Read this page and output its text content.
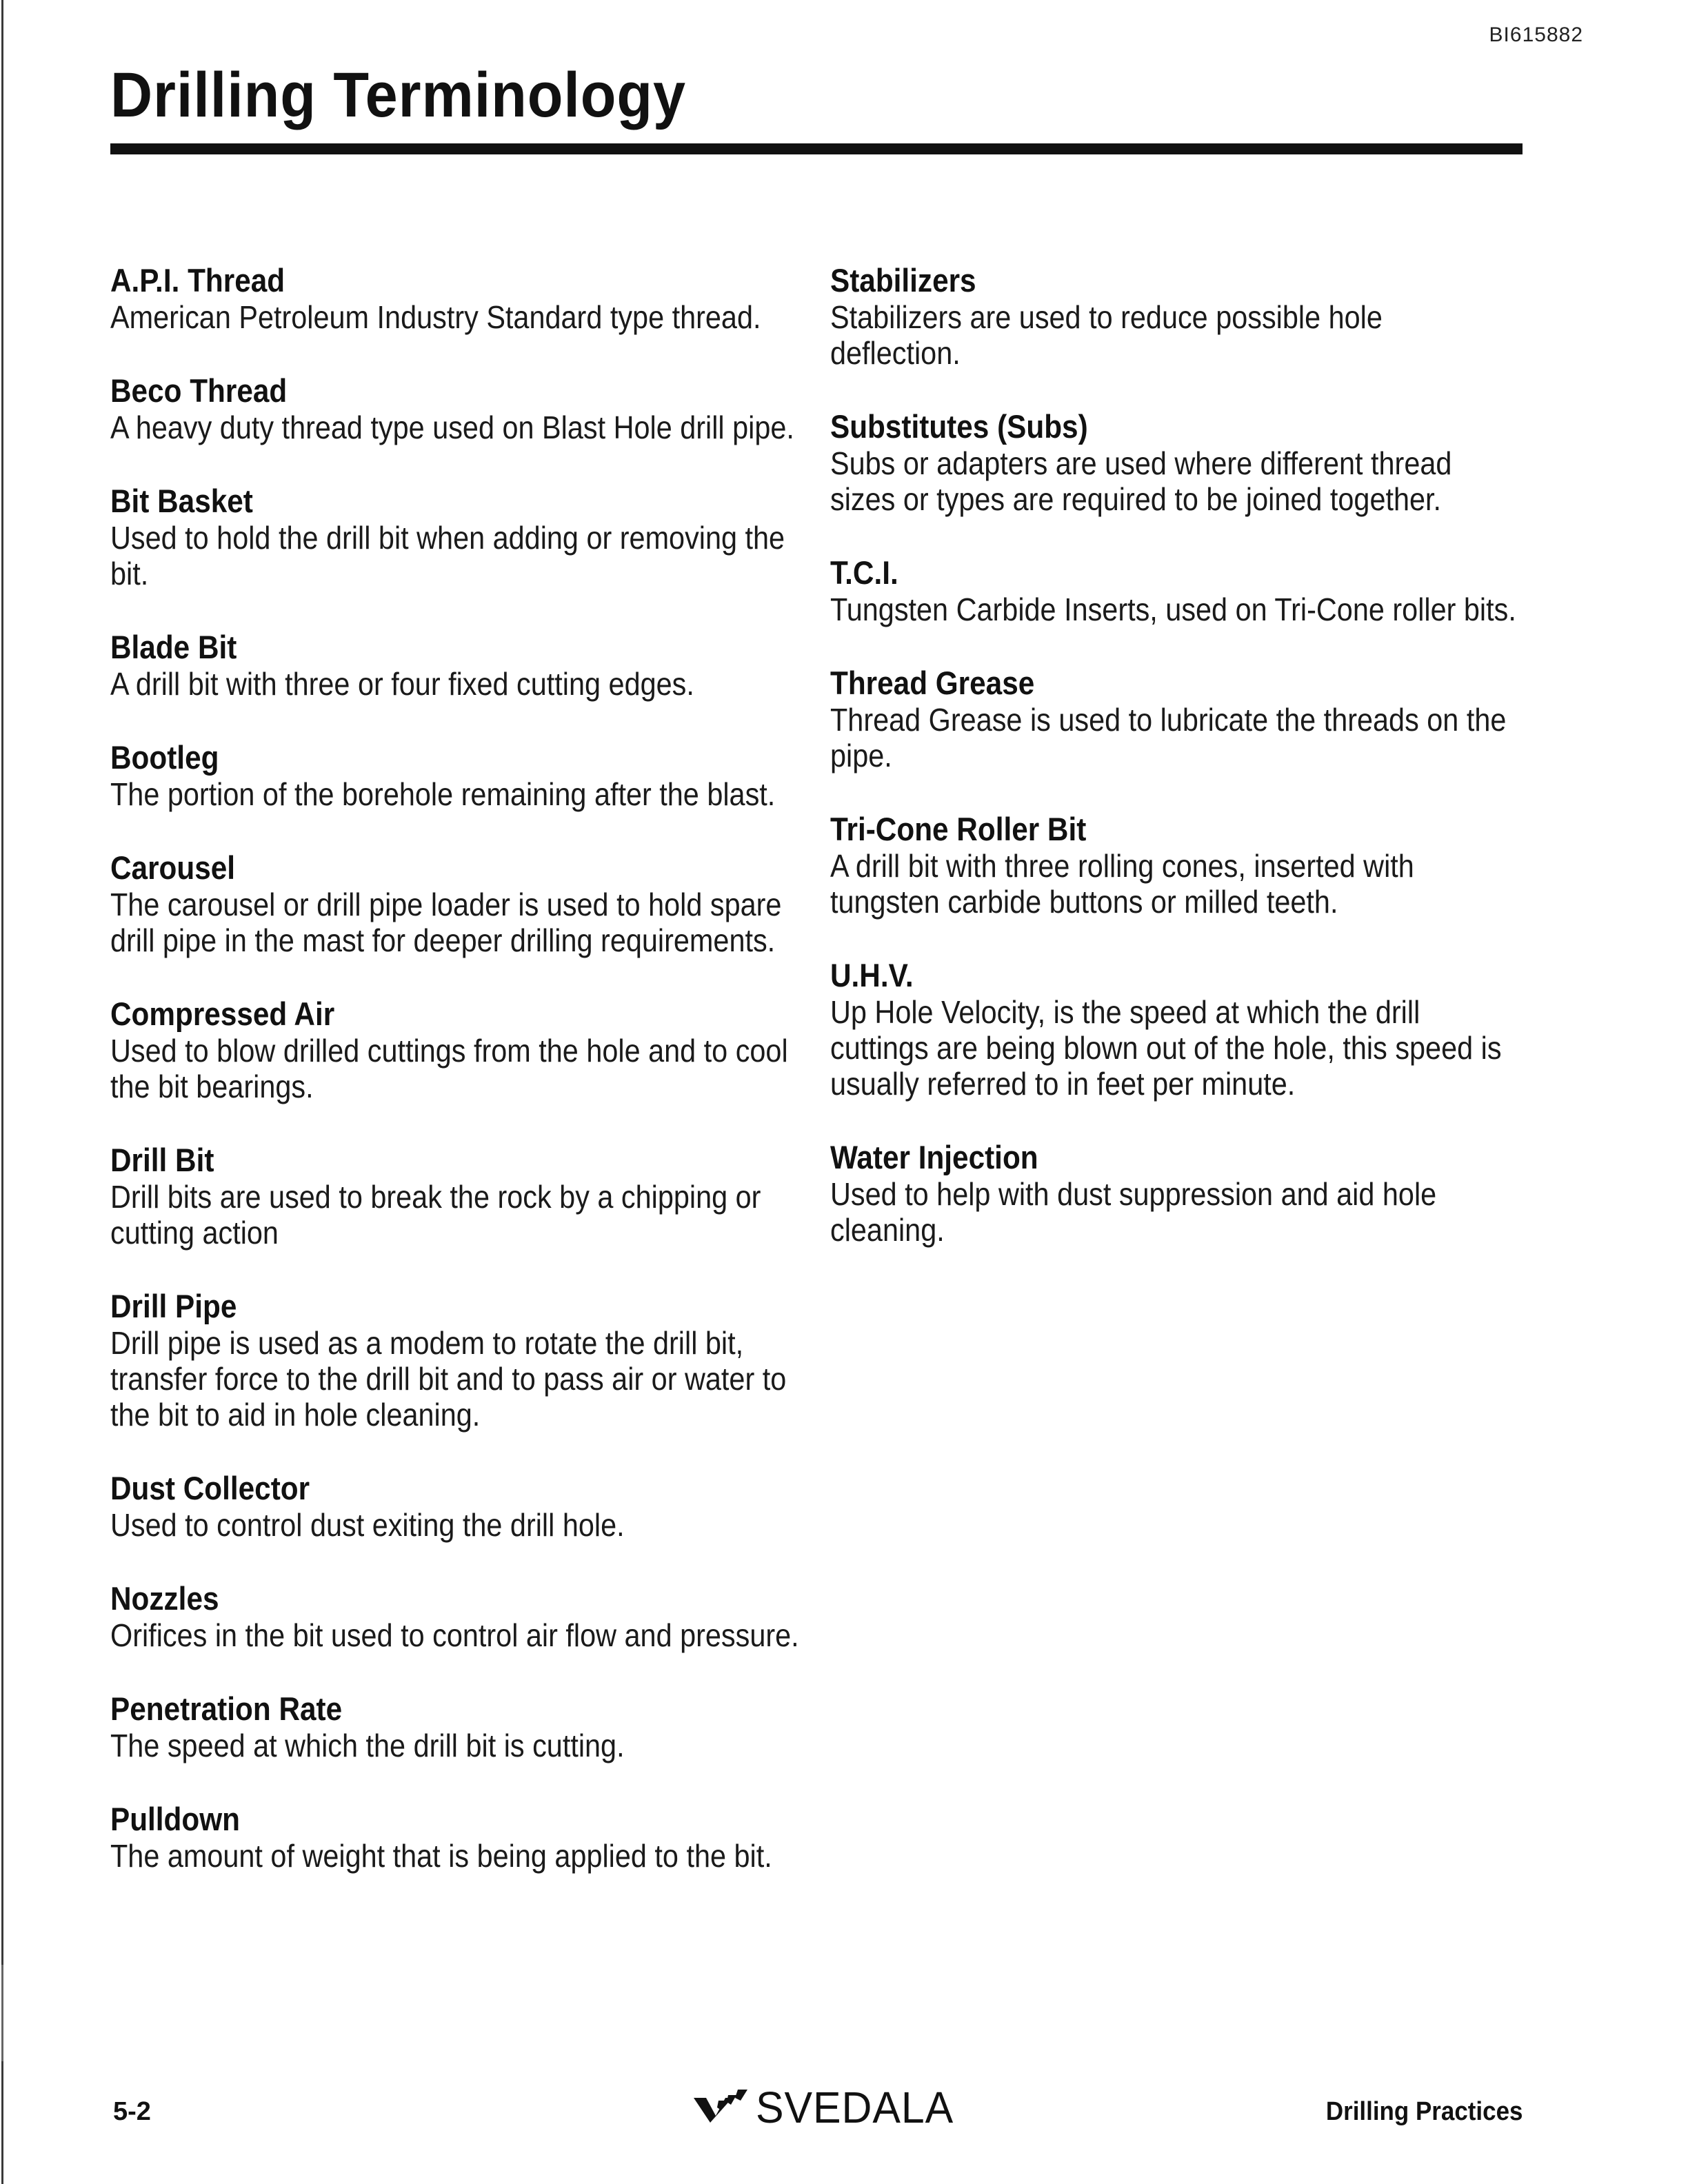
BI615882
Drilling Terminology
A.P.I. Thread
American Petroleum Industry Standard type thread.
Beco Thread
A heavy duty thread type used on Blast Hole drill pipe.
Bit Basket
Used to hold the drill bit when adding or removing the bit.
Blade Bit
A drill bit with three or four fixed cutting edges.
Bootleg
The portion of the borehole remaining after the blast.
Carousel
The carousel or drill pipe loader is used to hold spare drill pipe in the mast for deeper drilling requirements.
Compressed Air
Used to blow drilled cuttings from the hole and to cool the bit bearings.
Drill Bit
Drill bits are used to break the rock by a chipping or cutting action
Drill Pipe
Drill pipe is used as a modem to rotate the drill bit, transfer force to the drill bit and to pass air or water to the bit to aid in hole cleaning.
Dust Collector
Used to control dust exiting the drill hole.
Nozzles
Orifices in the bit used to control air flow and pressure.
Penetration Rate
The speed at which the drill bit is cutting.
Pulldown
The amount of weight that is being applied to the bit.
Stabilizers
Stabilizers are used to reduce possible hole deflection.
Substitutes (Subs)
Subs or adapters are used where different thread sizes or types are required to be joined together.
T.C.I.
Tungsten Carbide Inserts, used on Tri-Cone roller bits.
Thread Grease
Thread Grease is used to lubricate the threads on the pipe.
Tri-Cone Roller Bit
A drill bit with three rolling cones, inserted with tungsten carbide buttons or milled teeth.
U.H.V.
Up Hole Velocity, is the speed at which the drill cuttings are being blown out of the hole, this speed is usually referred to in feet per minute.
Water Injection
Used to help with dust suppression and aid hole cleaning.
5-2	SVEDALA	Drilling Practices
